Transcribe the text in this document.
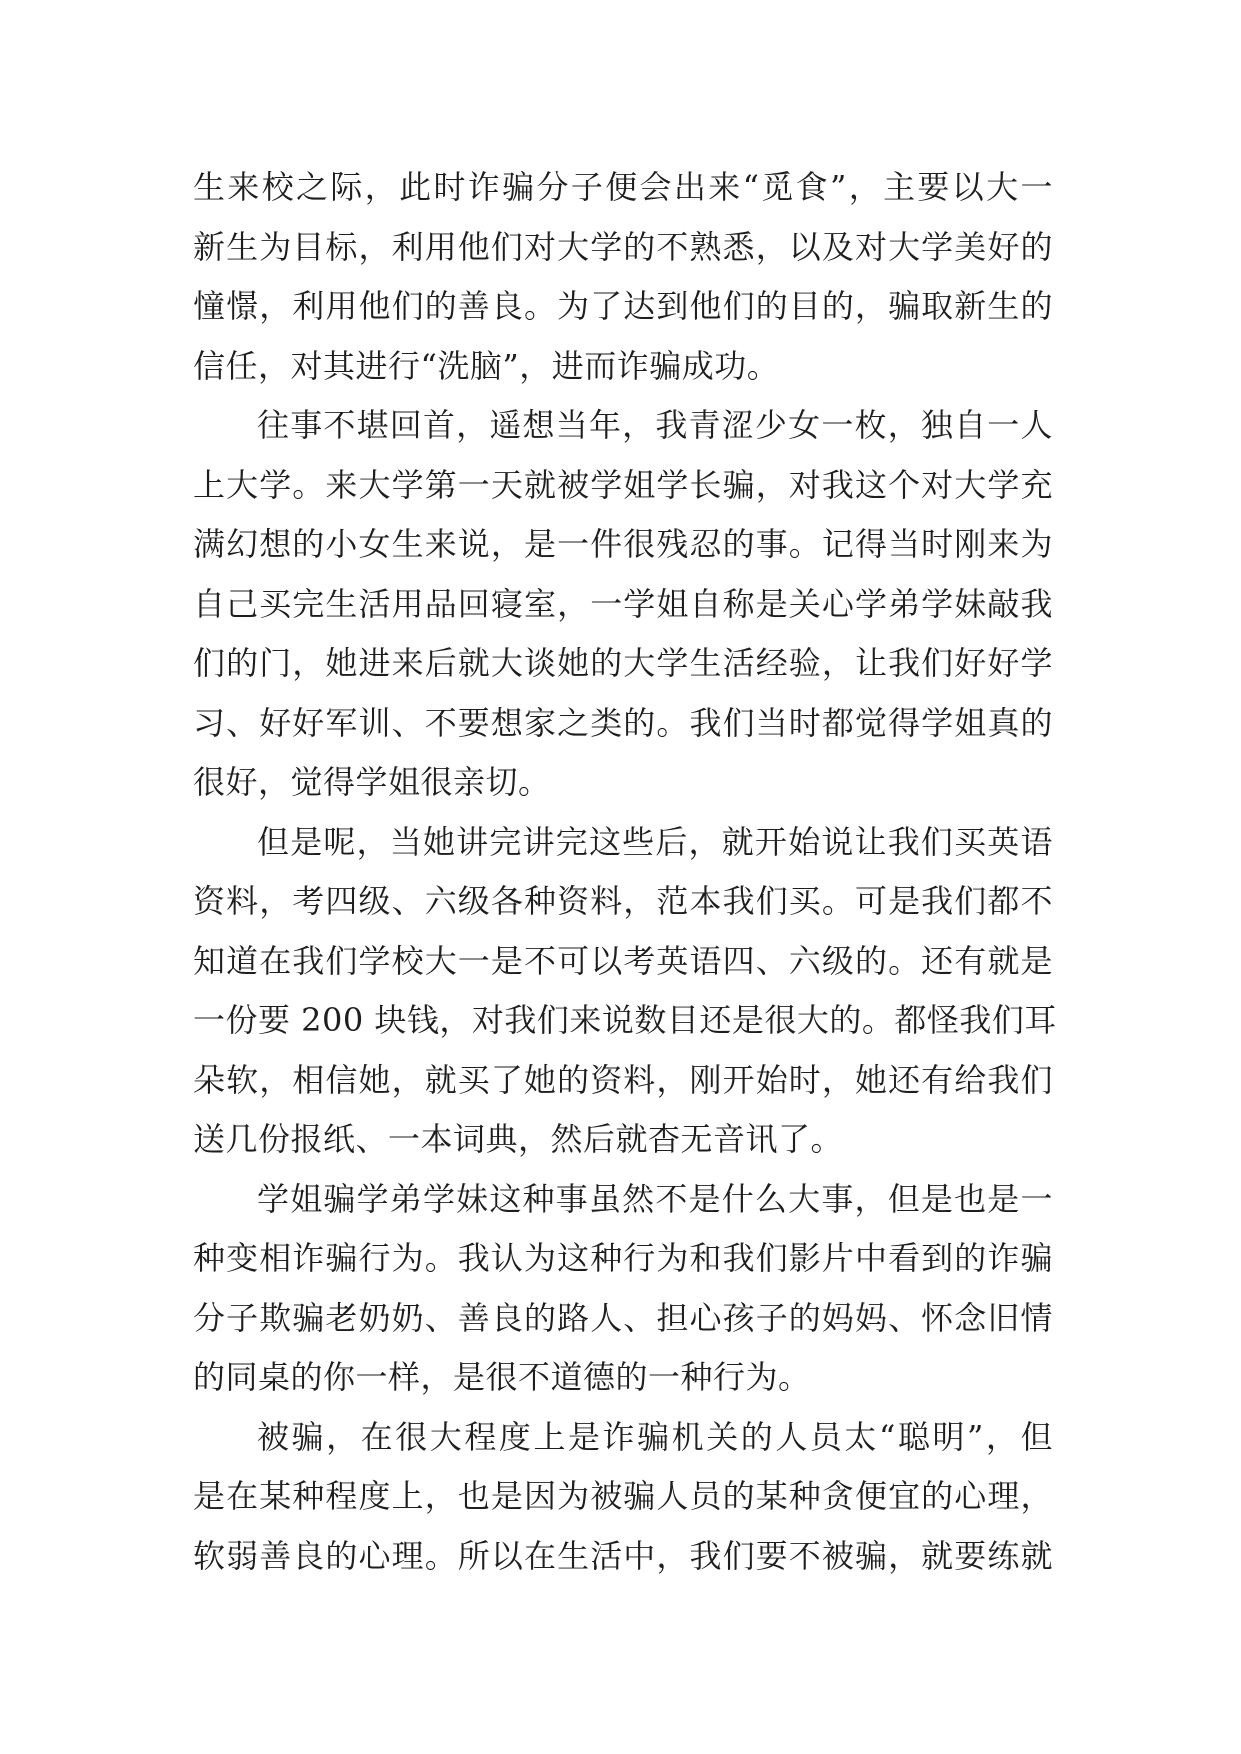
生来校之际，此时诈骗分子便会出来“觅食”，主要以大一
新生为目标，利用他们对大学的不熟悉，以及对大学美好的
憧憬，利用他们的善良。为了达到他们的目的，骗取新生的
信任，对其进行“洗脑”，进而诈骗成功。
往事不堪回首，遥想当年，我青涩少女一枚，独自一人
上大学。来大学第一天就被学姐学长骗，对我这个对大学充
满幻想的小女生来说，是一件很残忍的事。记得当时刚来为
自己买完生活用品回寝室，一学姐自称是关心学弟学妹敲我
们的门，她进来后就大谈她的大学生活经验，让我们好好学
习、好好军训、不要想家之类的。我们当时都觉得学姐真的
很好，觉得学姐很亲切。
但是呢，当她讲完讲完这些后，就开始说让我们买英语
资料，考四级、六级各种资料，范本我们买。可是我们都不
知道在我们学校大一是不可以考英语四、六级的。还有就是
一份要 200 块钱，对我们来说数目还是很大的。都怪我们耳
朵软，相信她，就买了她的资料，刚开始时，她还有给我们
送几份报纸、一本词典，然后就杳无音讯了。
学姐骗学弟学妹这种事虽然不是什么大事，但是也是一
种变相诈骗行为。我认为这种行为和我们影片中看到的诈骗
分子欺骗老奶奶、善良的路人、担心孩子的妈妈、怀念旧情
的同桌的你一样，是很不道德的一种行为。
被骗，在很大程度上是诈骗机关的人员太“聪明”，但
是在某种程度上，也是因为被骗人员的某种贪便宜的心理，
软弱善良的心理。所以在生活中，我们要不被骗，就要练就
